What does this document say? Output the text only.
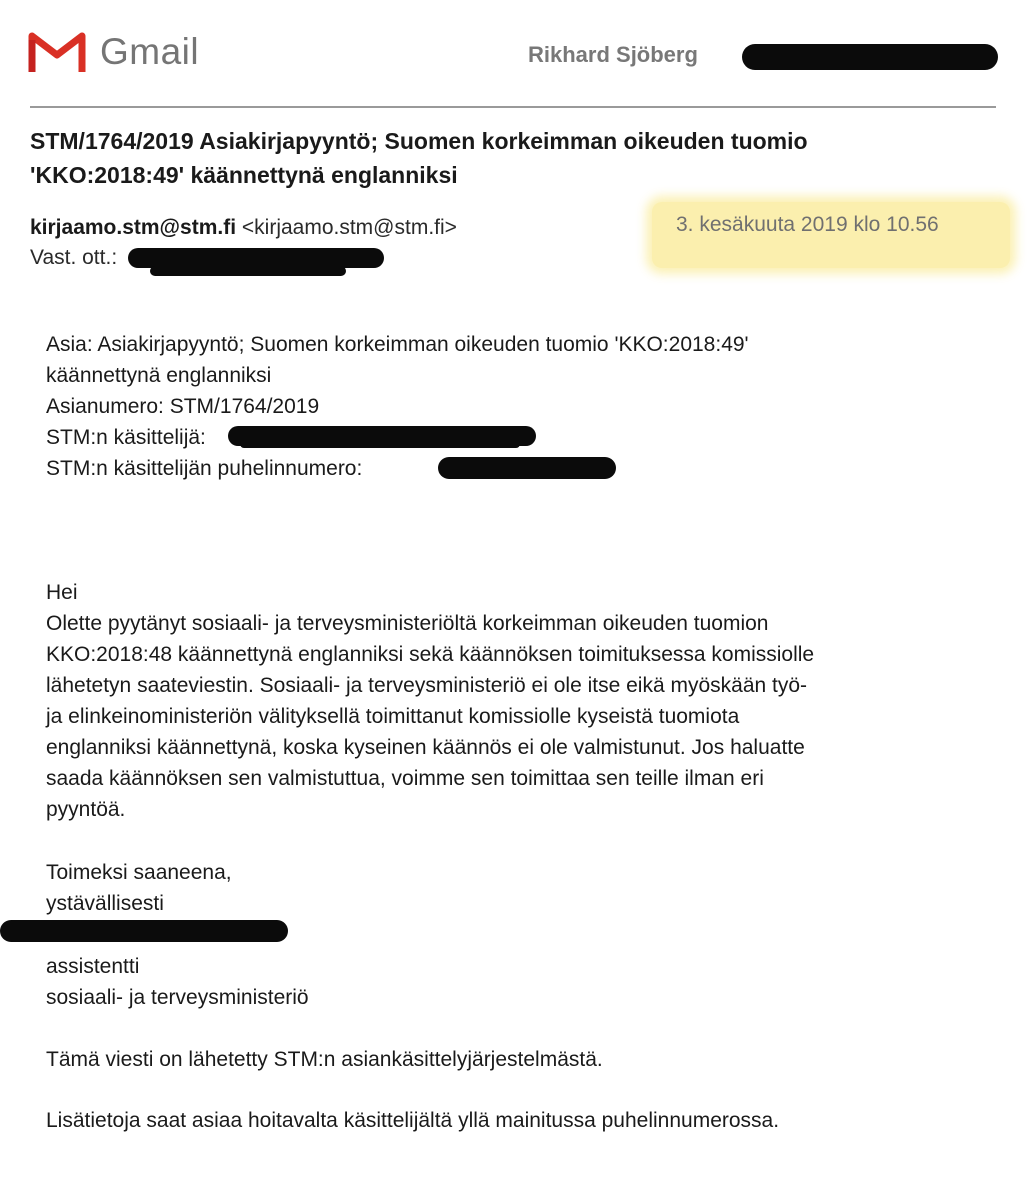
Gmail	Rikhard Sjöberg
STM/1764/2019 Asiakirjapyyntö; Suomen korkeimman oikeuden tuomio
'KKO:2018:49' käännettynä englanniksi
kirjaamo.stm@stm.fi <kirjaamo.stm@stm.fi>	3. kesäkuuta 2019 klo 10.56
Vast. ott.:
Asia: Asiakirjapyyntö; Suomen korkeimman oikeuden tuomio 'KKO:2018:49'
käännettynä englanniksi
Asianumero: STM/1764/2019
STM:n käsittelijä:
STM:n käsittelijän puhelinnumero:
Hei
Olette pyytänyt sosiaali- ja terveysministeriöltä korkeimman oikeuden tuomion
KKO:2018:48 käännettynä englanniksi sekä käännöksen toimituksessa komissiolle
lähetetyn saateviestin. Sosiaali- ja terveysministeriö ei ole itse eikä myöskään työ-
ja elinkeinoministeriön välityksellä toimittanut komissiolle kyseistä tuomiota
englanniksi käännettynä, koska kyseinen käännös ei ole valmistunut. Jos haluatte
saada käännöksen sen valmistuttua, voimme sen toimittaa sen teille ilman eri
pyyntöä.
Toimeksi saaneena,
ystävällisesti
assistentti
sosiaali- ja terveysministeriö
Tämä viesti on lähetetty STM:n asiankäsittelyjärjestelmästä.
Lisätietoja saat asiaa hoitavalta käsittelijältä yllä mainitussa puhelinnumerossa.
